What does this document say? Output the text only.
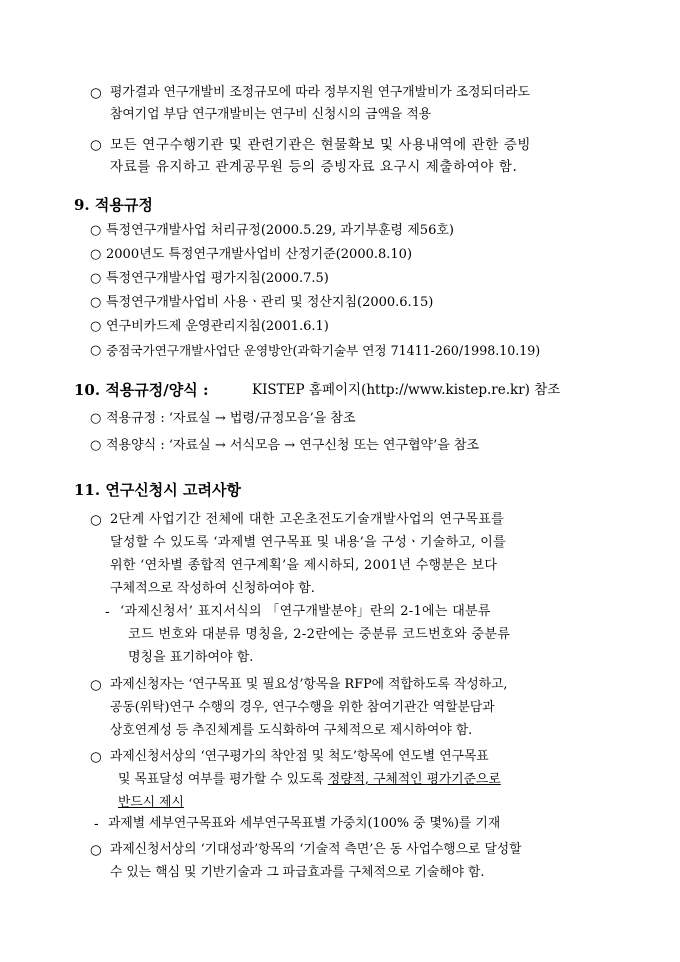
○ 평가결과 연구개발비 조정규모에 따라 정부지원 연구개발비가 조정되더라도
참여기업 부담 연구개발비는 연구비 신청시의 금액을 적용
○ 모든 연구수행기관 및 관련기관은 현물확보 및 사용내역에 관한 증빙
자료를 유지하고 관계공무원 등의 증빙자료 요구시 제출하여야 함.
9. 적용규정
○ 특정연구개발사업 처리규정(2000.5.29, 과기부훈령 제56호)
○ 2000년도 특정연구개발사업비 산정기준(2000.8.10)
○ 특정연구개발사업 평가지침(2000.7.5)
○ 특정연구개발사업비 사용ㆍ관리 및 정산지침(2000.6.15)
○ 연구비카드제 운영관리지침(2001.6.1)
○ 중점국가연구개발사업단 운영방안(과학기술부 연정 71411-260/1998.10.19)
10. 적용규정/양식 :	KISTEP 홈페이지(http://www.kistep.re.kr) 참조
○ 적용규정 : ‘자료실 → 법령/규정모음’을 참조
○ 적용양식 : ‘자료실 → 서식모음 → 연구신청 또는 연구협약’을 참조
11. 연구신청시 고려사항
○ 2단계 사업기간 전체에 대한 고온초전도기술개발사업의 연구목표를
달성할 수 있도록 ‘과제별 연구목표 및 내용’을 구성ㆍ기술하고, 이를
위한 ‘연차별 종합적 연구계획’을 제시하되, 2001년 수행분은 보다
구체적으로 작성하여 신청하여야 함.
- ‘과제신청서’ 표지서식의 「연구개발분야」란의 2-1에는 대분류
코드 번호와 대분류 명칭을, 2-2란에는 중분류 코드번호와 중분류
명칭을 표기하여야 함.
○ 과제신청자는 ‘연구목표 및 필요성’항목을 RFP에 적합하도록 작성하고,
공동(위탁)연구 수행의 경우, 연구수행을 위한 참여기관간 역할분담과
상호연계성 등 추진체계를 도식화하여 구체적으로 제시하여야 함.
○ 과제신청서상의 ‘연구평가의 착안점 및 척도’항목에 연도별 연구목표
및 목표달성 여부를 평가할 수 있도록 정량적, 구체적인 평가기준으로
반드시 제시
- 과제별 세부연구목표와 세부연구목표별 가중치(100% 중 몇%)를 기재
○ 과제신청서상의 ‘기대성과’항목의 ‘기술적 측면’은 동 사업수행으로 달성할
수 있는 핵심 및 기반기술과 그 파급효과를 구체적으로 기술해야 함.
